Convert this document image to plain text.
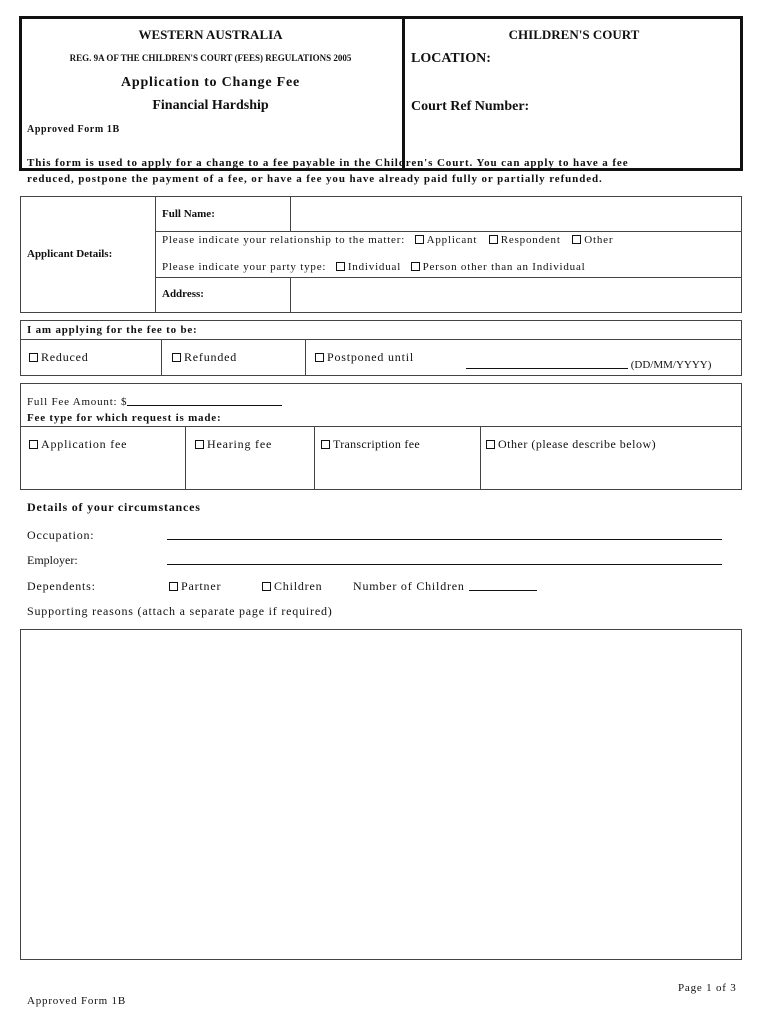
WESTERN AUSTRALIA
REG. 9A OF THE CHILDREN'S COURT (FEES) REGULATIONS 2005
Application to Change Fee
Financial Hardship
Approved Form 1B
CHILDREN'S COURT
LOCATION:
Court Ref Number:
This form is used to apply for a change to a fee payable in the Children's Court. You can apply to have a fee
reduced, postpone the payment of a fee, or have a fee you have already paid fully or partially refunded.
Applicant Details:
Full Name:
Please indicate your relationship to the matter: Applicant Respondent Other
Please indicate your party type: Individual Person other than an Individual
Address:
I am applying for the fee to be:
Reduced	Refunded	Postponed until
(DD/MM/YYYY)
Full Fee Amount: $
Fee type for which request is made:
Application fee	Hearing fee	Transcription fee	Other (please describe below)
Details of your circumstances
Occupation:
Employer:
Dependents:	Partner	Children	Number of Children
Supporting reasons (attach a separate page if required)
Page 1 of 3
Approved Form 1B
